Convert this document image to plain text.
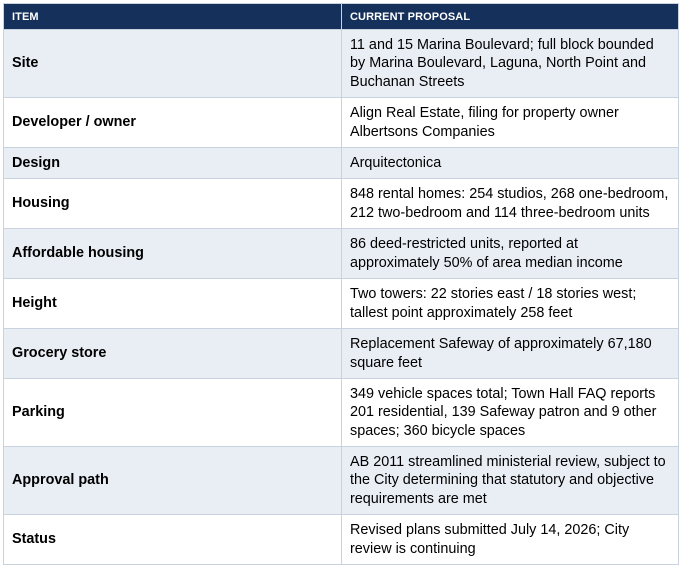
ITEM	CURRENT PROPOSAL
Site	11 and 15 Marina Boulevard; full block bounded by Marina Boulevard, Laguna, North Point and Buchanan Streets
Developer / owner	Align Real Estate, filing for property owner Albertsons Companies
Design	Arquitectonica
Housing	848 rental homes: 254 studios, 268 one-bedroom, 212 two-bedroom and 114 three-bedroom units
Affordable housing	86 deed-restricted units, reported at approximately 50% of area median income
Height	Two towers: 22 stories east / 18 stories west; tallest point approximately 258 feet
Grocery store	Replacement Safeway of approximately 67,180 square feet
Parking	349 vehicle spaces total; Town Hall FAQ reports 201 residential, 139 Safeway patron and 9 other spaces; 360 bicycle spaces
Approval path	AB 2011 streamlined ministerial review, subject to the City determining that statutory and objective requirements are met
Status	Revised plans submitted July 14, 2026; City review is continuing
